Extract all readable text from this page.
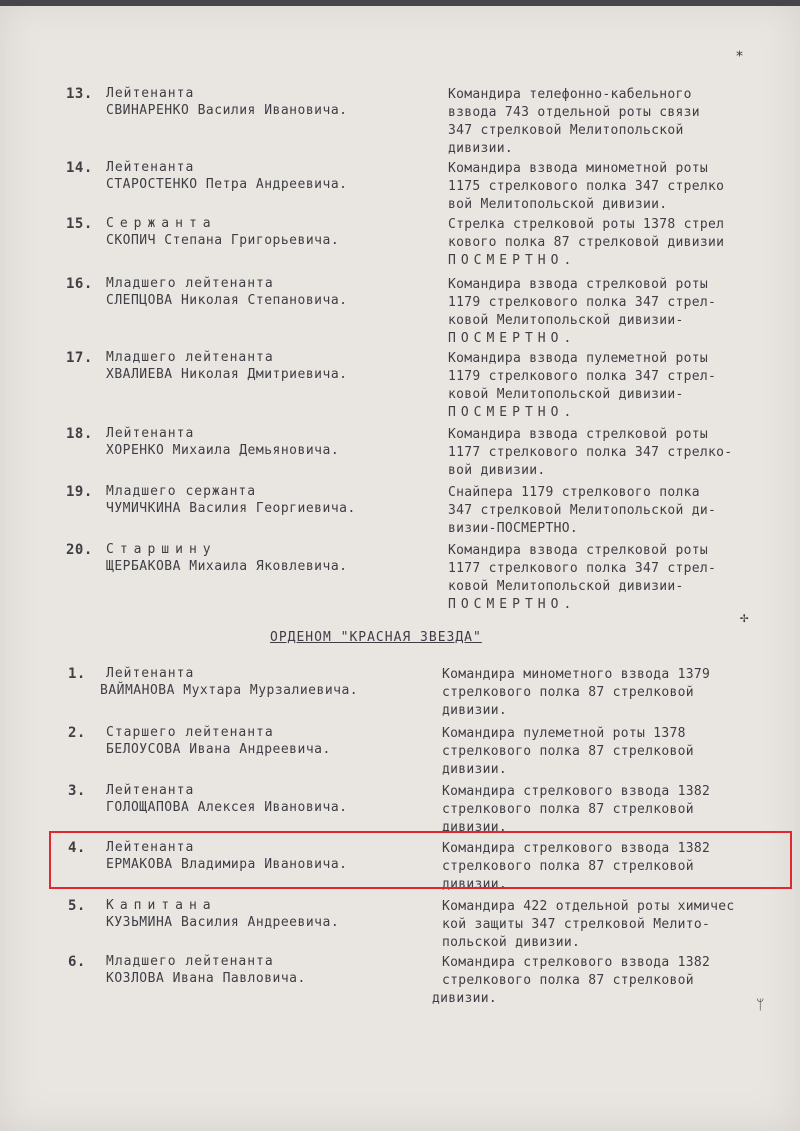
13. Лейтенанта
СВИНАРЕНКО Василия Ивановича.
Командира телефонно-кабельного
взвода 743 отдельной роты связи
347 стрелковой Мелитопольской
дивизии.
14. Лейтенанта
СТАРОСТЕНКО Петра Андреевича.
Командира взвода минометной роты
1175 стрелкового полка 347 стрелко
вой Мелитопольской дивизии.
15. Сержанта
СКОПИЧ Степана Григорьевича.
Стрелка стрелковой роты 1378 стрел
кового полка 87 стрелковой дивизии
ПОСМЕРТНО.
16. Младшего лейтенанта
СЛЕПЦОВА Николая Степановича.
Командира взвода стрелковой роты
1179 стрелкового полка 347 стрел-
ковой Мелитопольской дивизии-
ПОСМЕРТНО.
17. Младшего лейтенанта
ХВАЛИЕВА Николая Дмитриевича.
Командира взвода пулеметной роты
1179 стрелкового полка 347 стрел-
ковой Мелитопольской дивизии-
ПОСМЕРТНО.
18. Лейтенанта
ХОРЕНКО Михаила Демьяновича.
Командира взвода стрелковой роты
1177 стрелкового полка 347 стрелко-
вой дивизии.
19. Младшего сержанта
ЧУМИЧКИНА Василия Георгиевича.
Снайпера 1179 стрелкового полка
347 стрелковой Мелитопольской ди-
визии-ПОСМЕРТНО.
20. Старшину
ЩЕРБАКОВА Михаила Яковлевича.
Командира взвода стрелковой роты
1177 стрелкового полка 347 стрел-
ковой Мелитопольской дивизии-
ПОСМЕРТНО.
ОРДЕНОМ "КРАСНАЯ ЗВЕЗДА"
1. Лейтенанта
ВАЙМАНОВА Мухтара Мурзалиевича.
Командира минометного взвода 1379
стрелкового полка 87 стрелковой
дивизии.
2. Старшего лейтенанта
БЕЛОУСОВА Ивана Андреевича.
Командира пулеметной роты 1378
стрелкового полка 87 стрелковой
дивизии.
3. Лейтенанта
ГОЛОЩАПОВА Алексея Ивановича.
Командира стрелкового взвода 1382
стрелкового полка 87 стрелковой
дивизии.
4. Лейтенанта
ЕРМАКОВА Владимира Ивановича.
Командира стрелкового взвода 1382
стрелкового полка 87 стрелковой
дивизии.
5. Капитана
КУЗЬМИНА Василия Андреевича.
Командира 422 отдельной роты химичес
кой защиты 347 стрелковой Мелито-
польской дивизии.
6. Младшего лейтенанта
КОЗЛОВА Ивана Павловича.
Командира стрелкового взвода 1382
стрелкового полка 87 стрелковой
дивизии.
⁎
✢
ᛘ
